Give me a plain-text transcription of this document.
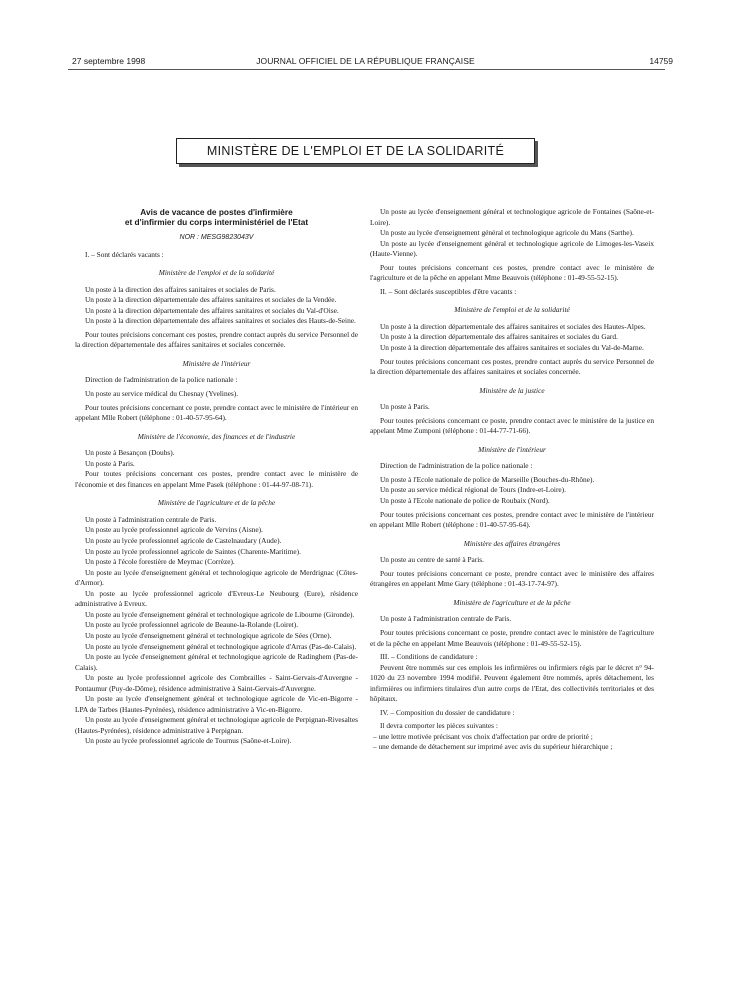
27 septembre 1998	JOURNAL OFFICIEL DE LA RÉPUBLIQUE FRANÇAISE	14759
MINISTÈRE DE L'EMPLOI ET DE LA SOLIDARITÉ

Avis de vacance de postes d'infirmière

et d'infirmier du corps interministériel de l'Etat

NOR : MESG9823043V

I. – Sont déclarés vacants :

Ministère de l'emploi et de la solidarité

Un poste à la direction des affaires sanitaires et sociales de Paris.

Un poste à la direction départementale des affaires sanitaires et sociales de la Vendée.

Un poste à la direction départementale des affaires sanitaires et sociales du Val-d'Oise.

Un poste à la direction départementale des affaires sanitaires et sociales des Hauts-de-Seine.

Pour toutes précisions concernant ces postes, prendre contact auprès du service Personnel de la direction départementale des affaires sanitaires et sociales concernée.

Ministère de l'intérieur

Direction de l'administration de la police nationale :

Un poste au service médical du Chesnay (Yvelines).

Pour toutes précisions concernant ce poste, prendre contact avec le ministère de l'intérieur en appelant Mlle Robert (téléphone : 01-40-57-95-64).

Ministère de l'économie, des finances et de l'industrie

Un poste à Besançon (Doubs).

Un poste à Paris.

Pour toutes précisions concernant ces postes, prendre contact avec le ministère de l'économie et des finances en appelant Mme Pasek (téléphone : 01-44-97-08-71).

Ministère de l'agriculture et de la pêche

Un poste à l'administration centrale de Paris.

Un poste au lycée professionnel agricole de Vervins (Aisne).

Un poste au lycée professionnel agricole de Castelnaudary (Aude).

Un poste au lycée professionnel agricole de Saintes (Charente-Maritime).

Un poste à l'école forestière de Meymac (Corrèze).

Un poste au lycée d'enseignement général et technologique agricole de Merdrignac (Côtes-d'Armor).

Un poste au lycée professionnel agricole d'Evreux-Le Neubourg (Eure), résidence administrative à Evreux.

Un poste au lycée d'enseignement général et technologique agricole de Libourne (Gironde).

Un poste au lycée professionnel agricole de Beaune-la-Rolande (Loiret).

Un poste au lycée d'enseignement général et technologique agricole de Sées (Orne).

Un poste au lycée d'enseignement général et technologique agricole d'Arras (Pas-de-Calais).

Un poste au lycée d'enseignement général et technologique agricole de Radinghem (Pas-de-Calais).

Un poste au lycée professionnel agricole des Combrailles - Saint-Gervais-d'Auvergne - Pontaumur (Puy-de-Dôme), résidence administrative à Saint-Gervais-d'Auvergne.

Un poste au lycée d'enseignement général et technologique agricole de Vic-en-Bigorre - LPA de Tarbes (Hautes-Pyrénées), résidence administrative à Vic-en-Bigorre.

Un poste au lycée d'enseignement général et technologique agricole de Perpignan-Rivesaltes (Hautes-Pyrénées), résidence administrative à Perpignan.

Un poste au lycée professionnel agricole de Tournus (Saône-et-Loire).

Un poste au lycée d'enseignement général et technologique agricole de Fontaines (Saône-et-Loire).

Un poste au lycée d'enseignement général et technologique agricole du Mans (Sarthe).

Un poste au lycée d'enseignement général et technologique agricole de Limoges-les-Vaseix (Haute-Vienne).

Pour toutes précisions concernant ces postes, prendre contact avec le ministère de l'agriculture et de la pêche en appelant Mme Beauvois (téléphone : 01-49-55-52-15).

II. – Sont déclarés susceptibles d'être vacants :

Ministère de l'emploi et de la solidarité

Un poste à la direction départementale des affaires sanitaires et sociales des Hautes-Alpes.

Un poste à la direction départementale des affaires sanitaires et sociales du Gard.

Un poste à la direction départementale des affaires sanitaires et sociales du Val-de-Marne.

Pour toutes précisions concernant ces postes, prendre contact auprès du service Personnel de la direction départementale des affaires sanitaires et sociales concernée.

Ministère de la justice

Un poste à Paris.

Pour toutes précisions concernant ce poste, prendre contact avec le ministère de la justice en appelant Mme Zumponi (téléphone : 01-44-77-71-66).

Ministère de l'intérieur

Direction de l'administration de la police nationale :

Un poste à l'Ecole nationale de police de Marseille (Bouches-du-Rhône).

Un poste au service médical régional de Tours (Indre-et-Loire).

Un poste à l'Ecole nationale de police de Roubaix (Nord).

Pour toutes précisions concernant ces postes, prendre contact avec le ministère de l'intérieur en appelant Mlle Robert (téléphone : 01-40-57-95-64).

Ministère des affaires étrangères

Un poste au centre de santé à Paris.

Pour toutes précisions concernant ce poste, prendre contact avec le ministère des affaires étrangères en appelant Mme Gary (téléphone : 01-43-17-74-97).

Ministère de l'agriculture et de la pêche

Un poste à l'administration centrale de Paris.

Pour toutes précisions concernant ce poste, prendre contact avec le ministère de l'agriculture et de la pêche en appelant Mme Beauvois (téléphone : 01-49-55-52-15).

III. – Conditions de candidature :

Peuvent être nommés sur ces emplois les infirmières ou infirmiers régis par le décret n° 94-1020 du 23 novembre 1994 modifié. Peuvent également être nommés, après détachement, les infirmières ou infirmiers titulaires d'un autre corps de l'Etat, des collectivités territoriales et des hôpitaux.

IV. – Composition du dossier de candidature :

Il devra comporter les pièces suivantes :

– une lettre motivée précisant vos choix d'affectation par ordre de priorité ;

– une demande de détachement sur imprimé avec avis du supérieur hiérarchique ;
